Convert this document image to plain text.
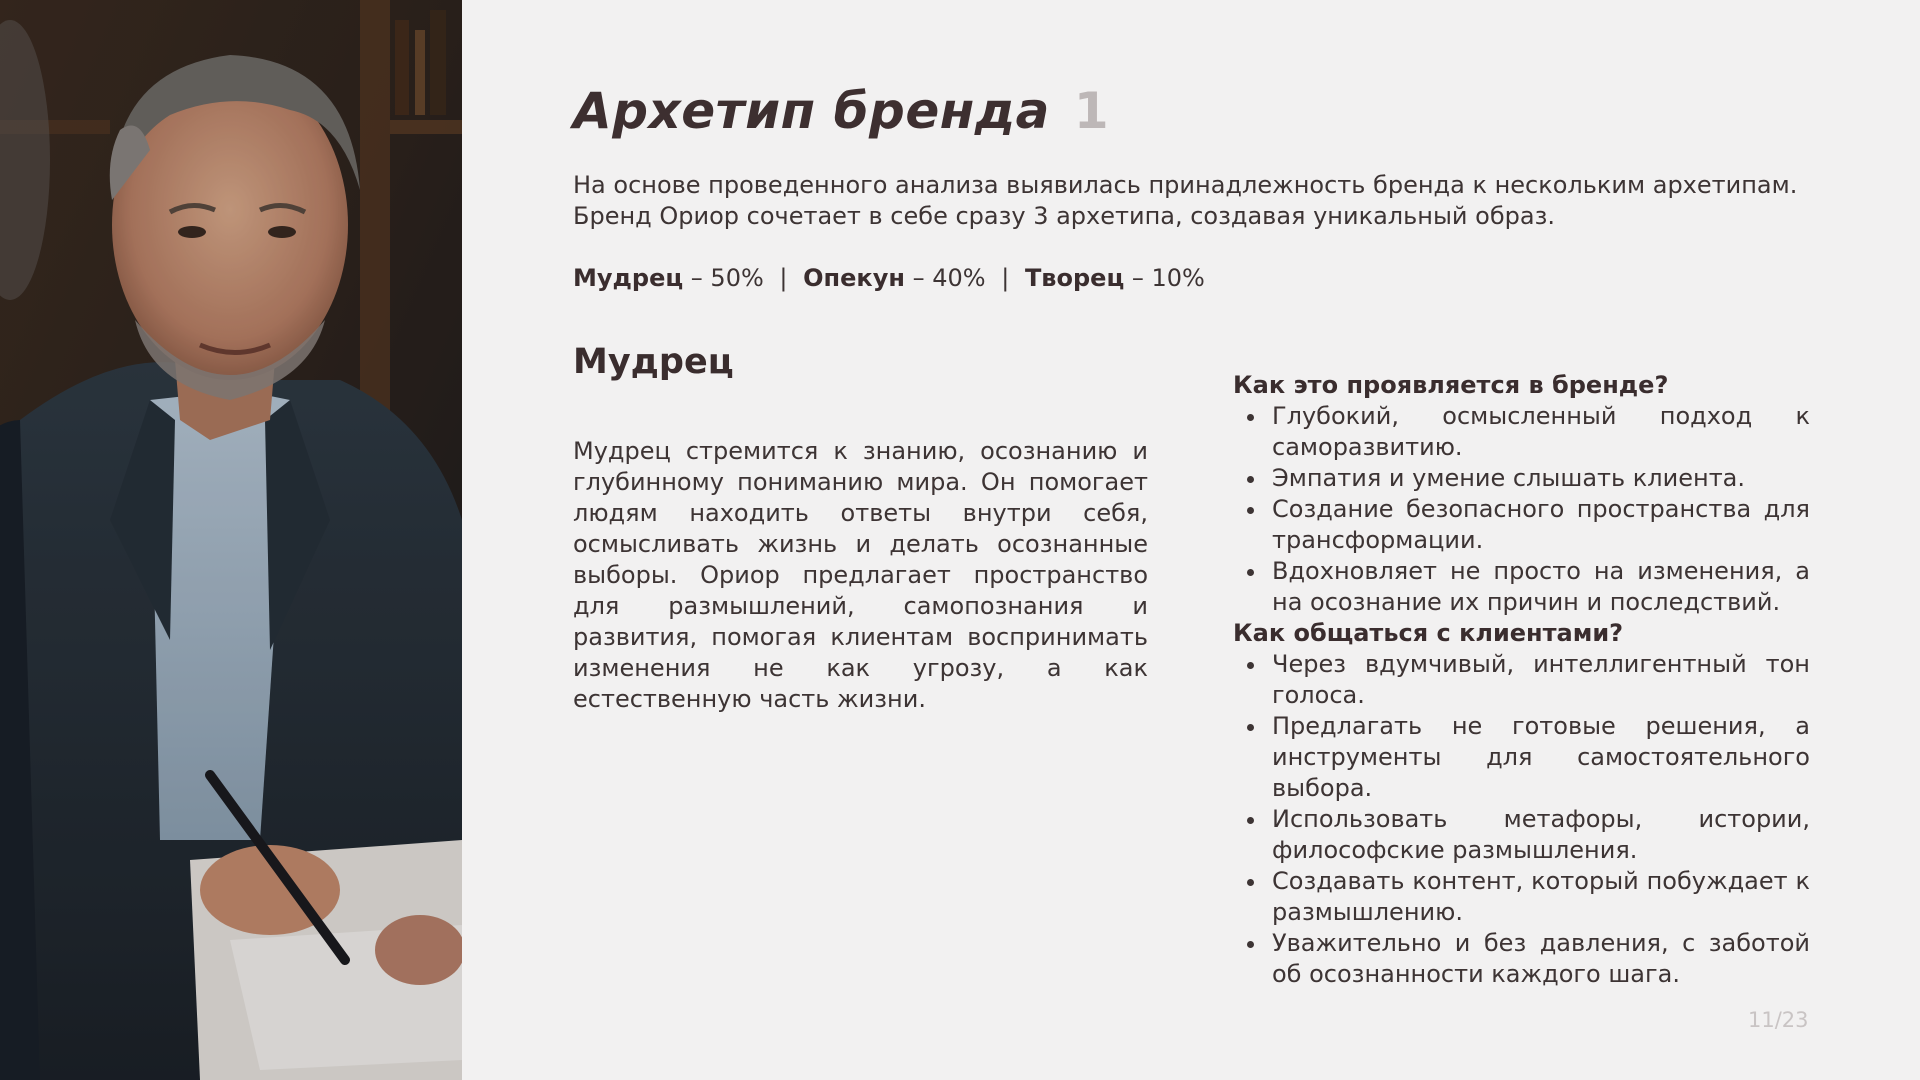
Архетип бренда 1

На основе проведенного анализа выявилась принадлежность бренда к нескольким архетипам.

Бренд Ориор сочетает в себе сразу 3 архетипа, создавая уникальный образ.

Мудрец – 50% | Опекун – 40% | Творец – 10%
Мудрец

Мудрец стремится к знанию, осознанию и глубинному пониманию мира. Он помогает людям находить ответы внутри себя, осмысливать жизнь и делать осознанные выборы. Ориор предлагает пространство для размышлений, самопознания и развития, помогая клиентам воспринимать изменения не как угрозу, а как естественную часть жизни.

Как это проявляется в бренде?
Глубокий, осмысленный подход к саморазвитию.
Эмпатия и умение слышать клиента.
Создание безопасного пространства для трансформации.
Вдохновляет не просто на изменения, а на осознание их причин и последствий.
Как общаться с клиентами?
Через вдумчивый, интеллигентный тон голоса.
Предлагать не готовые решения, а инструменты для самостоятельного выбора.
Использовать метафоры, истории, философские размышления.
Создавать контент, который побуждает к размышлению.
Уважительно и без давления, с заботой об осознанности каждого шага.
11/23
